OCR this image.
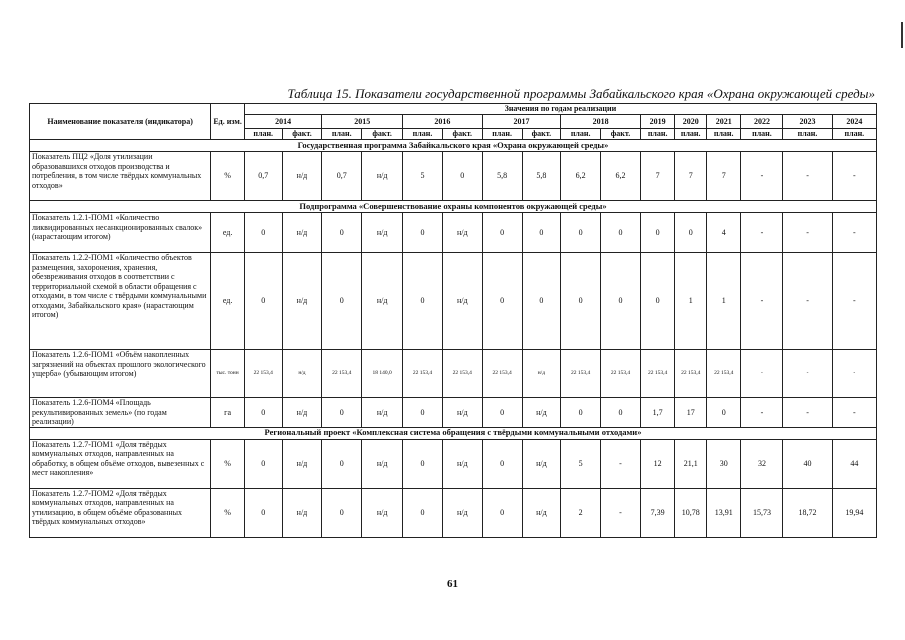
Таблица 15. Показатели государственной программы Забайкальского края «Охрана окружающей среды»
Наименование показателя (индикатора)	Ед. изм.	Значения по годам реализации															
		2014		2015		2016		2017		2018		2019	2020	2021	2022	2023	2024
		план.	факт.	план.	факт.	план.	факт.	план.	факт.	план.	факт.	план.	план.	план.	план.	план.	план.
Государственная программа Забайкальского края «Охрана окружающей среды»																	
Показатель ПЦ2 «Доля утилизации образовавшихся отходов производства и потребления, в том числе твёрдых коммунальных отходов»	%	0,7	н/д	0,7	н/д	5	0	5,8	5,8	6,2	6,2	7	7	7	-	-	-
Подпрограмма «Совершенствование охраны компонентов окружающей среды»																	
Показатель 1.2.1-ПОМ1 «Количество ликвидированных несанкционированных свалок» (нарастающим итогом)	ед.	0	н/д	0	н/д	0	н/д	0	0	0	0	0	0	4	-	-	-
Показатель 1.2.2-ПОМ1 «Количество объектов размещения, захоронения, хранения, обезвреживания отходов в соответствии с территориальной схемой в области обращения с отходами, в том числе с твёрдыми коммунальными отходами, Забайкальского края» (нарастающим итогом)	ед.	0	н/д	0	н/д	0	н/д	0	0	0	0	0	1	1	-	-	-
Показатель 1.2.6-ПОМ1 «Объём накопленных загрязнений на объектах прошлого экологического ущерба» (убывающим итогом)	тыс. тонн	22 153,4	н/д	22 153,4	18 140,0	22 153,4	22 153,4	22 153,4	н/д	22 153,4	22 153,4	22 153,4	22 153,4	22 153,4	-	-	-
Показатель 1.2.6-ПОМ4 «Площадь рекультивированных земель» (по годам реализации)	га	0	н/д	0	н/д	0	н/д	0	н/д	0	0	1,7	17	0	-	-	-
Региональный проект «Комплексная система обращения с твёрдыми коммунальными отходами»																	
Показатель 1.2.7-ПОМ1 «Доля твёрдых коммунальных отходов, направленных на обработку, в общем объёме отходов, вывезенных с мест накопления»	%	0	н/д	0	н/д	0	н/д	0	н/д	5	-	12	21,1	30	32	40	44
Показатель 1.2.7-ПОМ2 «Доля твёрдых коммунальных отходов, направленных на утилизацию, в общем объёме образованных твёрдых коммунальных отходов»	%	0	н/д	0	н/д	0	н/д	0	н/д	2	-	7,39	10,78	13,91	15,73	18,72	19,94
61
